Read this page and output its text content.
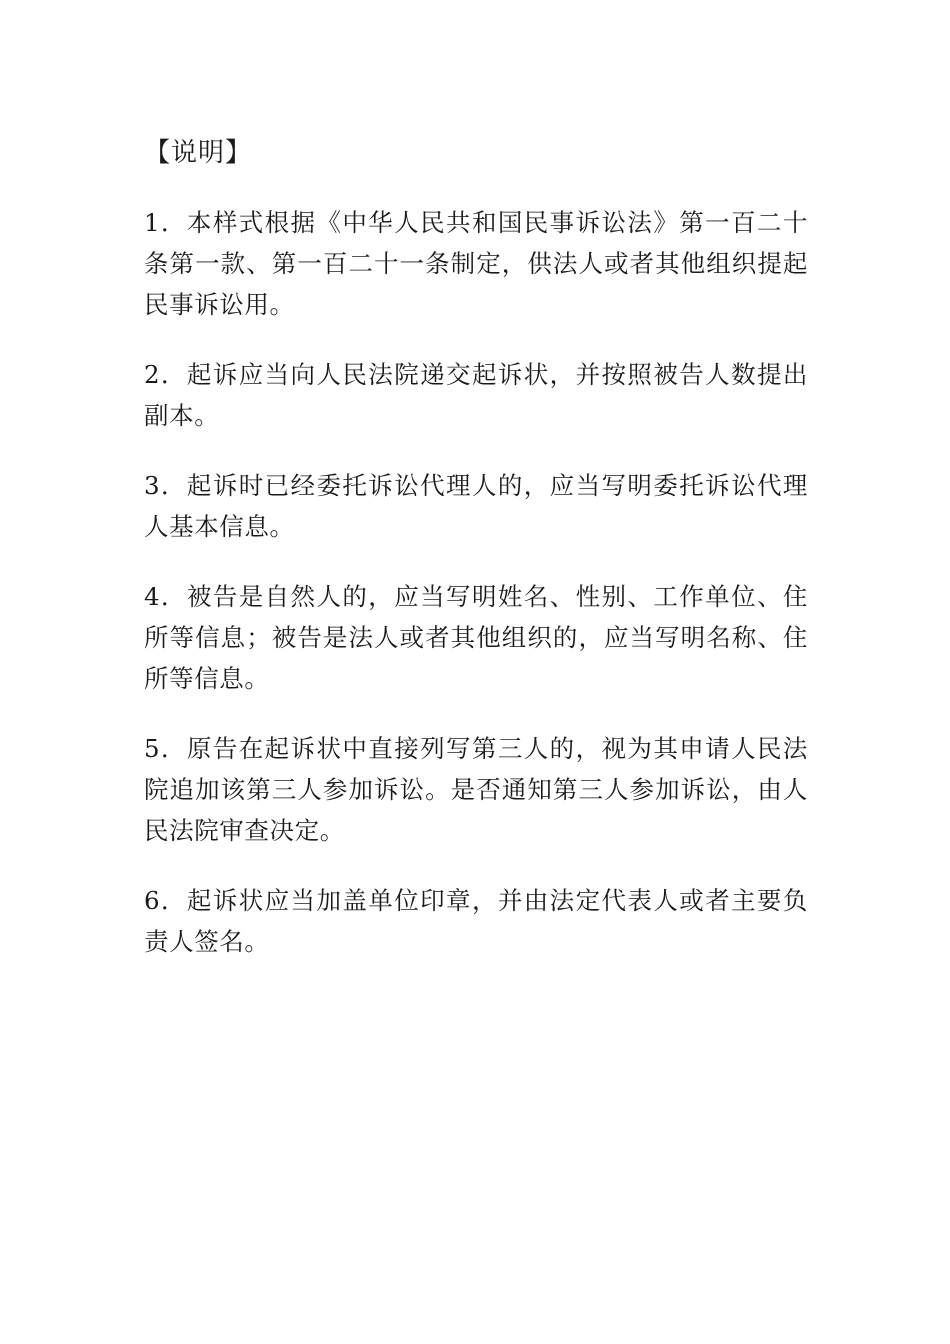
【说明】

1．本样式根据《中华人民共和国民事诉讼法》第一百二十条第一款、第一百二十一条制定，供法人或者其他组织提起民事诉讼用。

2．起诉应当向人民法院递交起诉状，并按照被告人数提出副本。

3．起诉时已经委托诉讼代理人的，应当写明委托诉讼代理人基本信息。

4．被告是自然人的，应当写明姓名、性别、工作单位、住所等信息；被告是法人或者其他组织的，应当写明名称、住所等信息。

5．原告在起诉状中直接列写第三人的，视为其申请人民法院追加该第三人参加诉讼。是否通知第三人参加诉讼，由人民法院审查决定。

6．起诉状应当加盖单位印章，并由法定代表人或者主要负责人签名。
